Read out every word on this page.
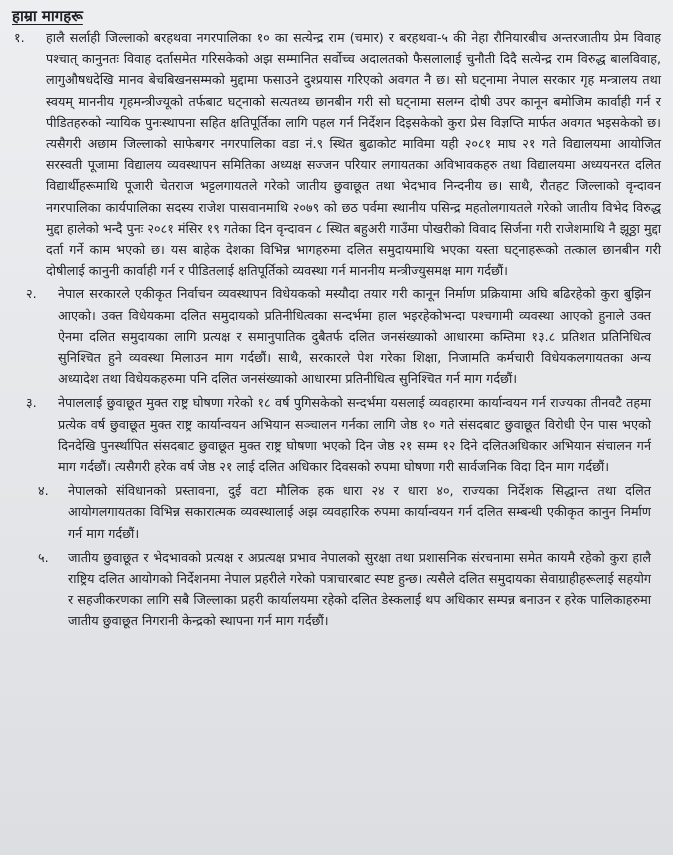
हाम्रा मागहरू

१. हालै सर्लाही जिल्लाको बरहथवा नगरपालिका १० का सत्येन्द्र राम (चमार) र बरहथवा-५ की नेहा रौनियारबीच अन्तरजातीय प्रेम विवाह पश्चात् कानुनतः विवाह दर्तासमेत गरिसकेको अझ सम्मानित सर्वोच्च अदालतको फैसलालाई चुनौती दिदै सत्येन्द्र राम विरुद्ध बालविवाह, लागुऔषधदेखि मानव बेचबिखनसम्मको मुद्दामा फसाउने दुश्प्रयास गरिएको अवगत नै छ। सो घट्नामा नेपाल सरकार गृह मन्त्रालय तथा स्वयम् माननीय गृहमन्त्रीज्यूको तर्फबाट घट्नाको सत्यतथ्य छानबीन गरी सो घट्नामा सलग्न दोषी उपर कानून बमोजिम कार्वाही गर्न र पीडितहरुको न्यायिक पुनःस्थापना सहित क्षतिपूर्तिका लागि पहल गर्न निर्देशन दिइसकेको कुरा प्रेस विज्ञप्ति मार्फत अवगत भइसकेको छ। त्यसैगरी अछाम जिल्लाको साफेबगर नगरपालिका वडा नं.९ स्थित बुढाकोट माविमा यही २०८१ माघ २१ गते विद्यालयमा आयोजित सरस्वती पूजामा विद्यालय व्यवस्थापन समितिका अध्यक्ष सज्जन परियार लगायतका अविभावकहरु तथा विद्यालयमा अध्ययनरत दलित विद्यार्थीहरूमाथि पूजारी चेतराज भट्टलगायतले गरेको जातीय छुवाछूत तथा भेदभाव निन्दनीय छ। साथै, रौतहट जिल्लाको वृन्दावन नगरपालिका कार्यपालिका सदस्य राजेश पासवानमाथि २०७९ को छठ पर्वमा स्थानीय पसिन्द्र महतोलगायतले गरेको जातीय विभेद विरुद्ध मुद्दा हालेको भन्दै पुनः २०८१ मंसिर १९ गतेका दिन वृन्दावन ८ स्थित बहुअरी गाउँमा पोखरीको विवाद सिर्जना गरी राजेशमाथि नै झूठ्ठा मुद्दा दर्ता गर्ने काम भएको छ। यस बाहेक देशका विभिन्न भागहरुमा दलित समुदायमाथि भएका यस्ता घट्नाहरूको तत्काल छानबीन गरी दोषीलाई कानुनी कार्वाही गर्न र पीडितलाई क्षतिपूर्तिको व्यवस्था गर्न माननीय मन्त्रीज्युसमक्ष माग गर्दछौं।

२. नेपाल सरकारले एकीकृत निर्वाचन व्यवस्थापन विधेयकको मस्यौदा तयार गरी कानून निर्माण प्रक्रियामा अघि बढिरहेको कुरा बुझिन आएको। उक्त विधेयकमा दलित समुदायको प्रतिनीधित्वका सन्दर्भमा हाल भइरहेकोभन्दा पश्चगामी व्यवस्था आएको हुनाले उक्त ऐनमा दलित समुदायका लागि प्रत्यक्ष र समानुपातिक दुबैतर्फ दलित जनसंख्याको आधारमा कम्तिमा १३.८ प्रतिशत प्रतिनिधित्व सुनिश्चित हुने व्यवस्था मिलाउन माग गर्दछौं। साथै, सरकारले पेश गरेका शिक्षा, निजामति कर्मचारी विधेयकलगायतका अन्य अध्यादेश तथा विधेयकहरुमा पनि दलित जनसंख्याको आधारमा प्रतिनीधित्व सुनिश्चित गर्न माग गर्दछौं।

३. नेपाललाई छुवाछूत मुक्त राष्ट्र घोषणा गरेको १८ वर्ष पुगिसकेको सन्दर्भमा यसलाई व्यवहारमा कार्यान्वयन गर्न राज्यका तीनवटै तहमा प्रत्येक वर्ष छुवाछूत मुक्त राष्ट्र कार्यान्वयन अभियान सञ्चालन गर्नका लागि जेष्ठ १० गते संसदबाट छुवाछूत विरोधी ऐन पास भएको दिनदेखि पुनर्स्थापित संसदबाट छुवाछूत मुक्त राष्ट्र घोषणा भएको दिन जेष्ठ २१ सम्म १२ दिने दलितअधिकार अभियान संचालन गर्न माग गर्दछौं। त्यसैगरी हरेक वर्ष जेष्ठ २१ लाई दलित अधिकार दिवसको रुपमा घोषणा गरी सार्वजनिक विदा दिन माग गर्दछौं।

४. नेपालको संविधानको प्रस्तावना, दुई वटा मौलिक हक धारा २४ र धारा ४०, राज्यका निर्देशक सिद्धान्त तथा दलित आयोगलगायतका विभिन्न सकारात्मक व्यवस्थालाई अझ व्यवहारिक रुपमा कार्यान्वयन गर्न दलित सम्बन्धी एकीकृत कानुन निर्माण गर्न माग गर्दछौं।

५. जातीय छुवाछूत र भेदभावको प्रत्यक्ष र अप्रत्यक्ष प्रभाव नेपालको सुरक्षा तथा प्रशासनिक संरचनामा समेत कायमै रहेको कुरा हालै राष्ट्रिय दलित आयोगको निर्देशनमा नेपाल प्रहरीले गरेको पत्राचारबाट स्पष्ट हुन्छ। त्यसैले दलित समुदायका सेवाग्राहीहरूलाई सहयोग र सहजीकरणका लागि सबै जिल्लाका प्रहरी कार्यालयमा रहेको दलित डेस्कलाई थप अधिकार सम्पन्न बनाउन र हरेक पालिकाहरुमा जातीय छुवाछूत निगरानी केन्द्रको स्थापना गर्न माग गर्दछौं।
